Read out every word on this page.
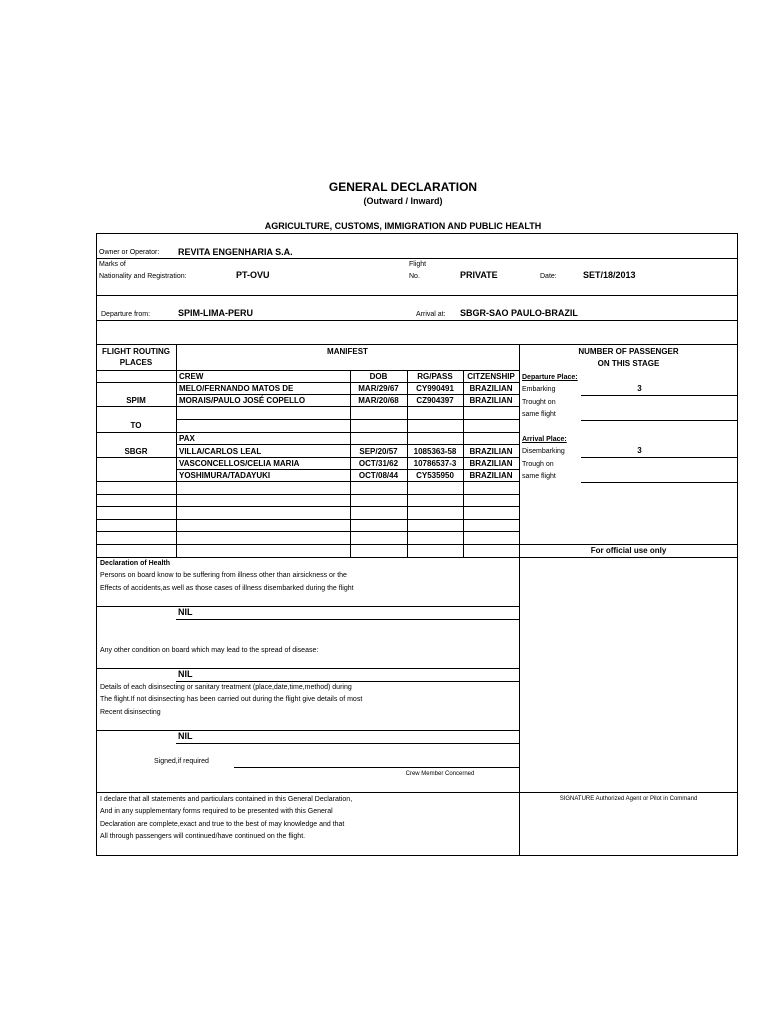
GENERAL DECLARATION
(Outward / Inward)
AGRICULTURE, CUSTOMS, IMMIGRATION AND PUBLIC HEALTH
Owner or Operator: REVITA ENGENHARIA S.A.
Marks of
Nationality and Registration:	PT-OVU
Flight
No.	PRIVATE	Date:	SET/18/2013
Departure from:	SPIM-LIMA-PERU	Arrival at: SBGR-SAO PAULO-BRAZIL
FLIGHT ROUTING
PLACES
MANIFEST	NUMBER OF PASSENGER
ON THIS STAGE
CREW	DOB	RG/PASS	CITZENSHIP
MELO/FERNANDO MATOS DE	MAR/29/67	CY990491	BRAZILIAN
MORAIS/PAULO JOSÉ COPELLO	MAR/20/68	CZ904397	BRAZILIAN
SPIM
TO
SBGR
PAX
VILLA/CARLOS LEAL	SEP/20/57	1085363-58	BRAZILIAN
VASCONCELLOS/CELIA MARIA	OCT/31/62	10786537-3	BRAZILIAN
YOSHIMURA/TADAYUKI	OCT/08/44	CY535950	BRAZILIAN
Departure Place:
Embarking	3
Trought on
same flight
Arrival Place:
Disembarking	3
Trough on
same flight
For official use only
Declaration of Health
Persons on board know to be suffering from illness other than airsickness or the
Effects of accidents,as well as those cases of illness disembarked during the flight
NIL
Any other condition on board which may lead to the spread of disease:
NIL
Details of each disinsecting or sanitary treatment (place,date,time,method) during
The flight.If not disinsecting has been carried out during the flight give details of most
Recent disinsecting
NIL
Signed,if required
Crew Member Concerned
I declare that all statements and particulars contained in this General Declaration,
And in any supplementary forms required to be presented with this General
Declaration are complete,exact and true to the best of may knowledge and that
All through passengers will continued/have continued on the flight.
SIGNATURE Authorized Agent or Pilot in Command
